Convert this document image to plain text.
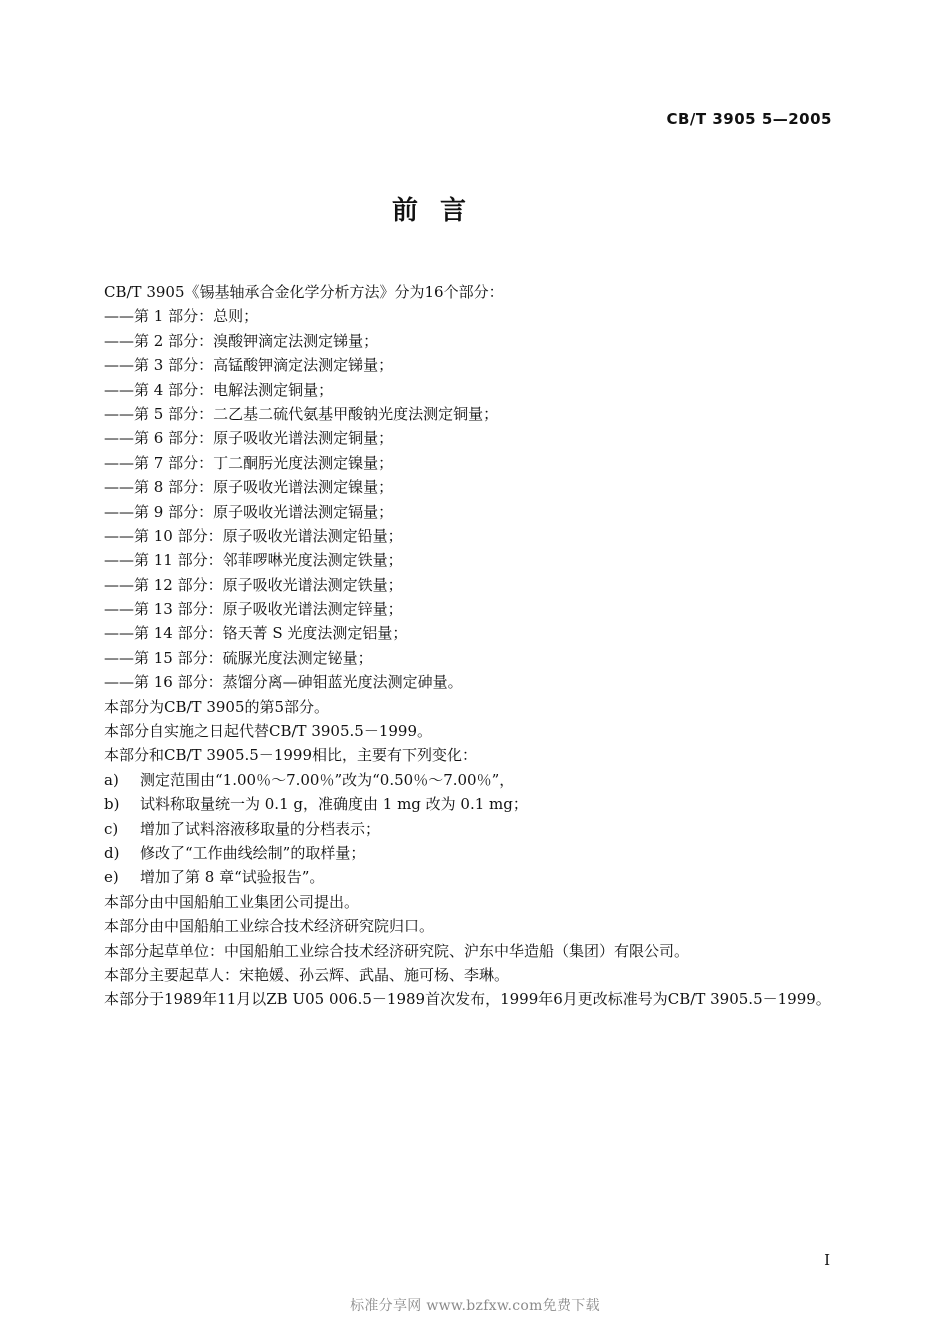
CB/T 3905 5—2005
前言
CB/T 3905《锡基轴承合金化学分析方法》分为16个部分：
——第 1 部分：总则；
——第 2 部分：溴酸钾滴定法测定锑量；
——第 3 部分：高锰酸钾滴定法测定锑量；
——第 4 部分：电解法测定铜量；
——第 5 部分：二乙基二硫代氨基甲酸钠光度法测定铜量；
——第 6 部分：原子吸收光谱法测定铜量；
——第 7 部分：丁二酮肟光度法测定镍量；
——第 8 部分：原子吸收光谱法测定镍量；
——第 9 部分：原子吸收光谱法测定镉量；
——第 10 部分：原子吸收光谱法测定铅量；
——第 11 部分：邻菲啰啉光度法测定铁量；
——第 12 部分：原子吸收光谱法测定铁量；
——第 13 部分：原子吸收光谱法测定锌量；
——第 14 部分：铬天菁 S 光度法测定铝量；
——第 15 部分：硫脲光度法测定铋量；
——第 16 部分：蒸馏分离—砷钼蓝光度法测定砷量。
本部分为CB/T 3905的第5部分。
本部分自实施之日起代替CB/T 3905.5－1999。
本部分和CB/T 3905.5－1999相比，主要有下列变化：
a) 测定范围由“1.00％～7.00％”改为“0.50％～7.00％”，
b) 试料称取量统一为 0.1 g，准确度由 1 mg 改为 0.1 mg；
c) 增加了试料溶液移取量的分档表示；
d) 修改了“工作曲线绘制”的取样量；
e) 增加了第 8 章“试验报告”。
本部分由中国船舶工业集团公司提出。
本部分由中国船舶工业综合技术经济研究院归口。
本部分起草单位：中国船舶工业综合技术经济研究院、沪东中华造船（集团）有限公司。
本部分主要起草人：宋艳媛、孙云辉、武晶、施可杨、李琳。
本部分于1989年11月以ZB U05 006.5－1989首次发布，1999年6月更改标准号为CB/T 3905.5－1999。
I
标准分享网 www.bzfxw.com免费下载
